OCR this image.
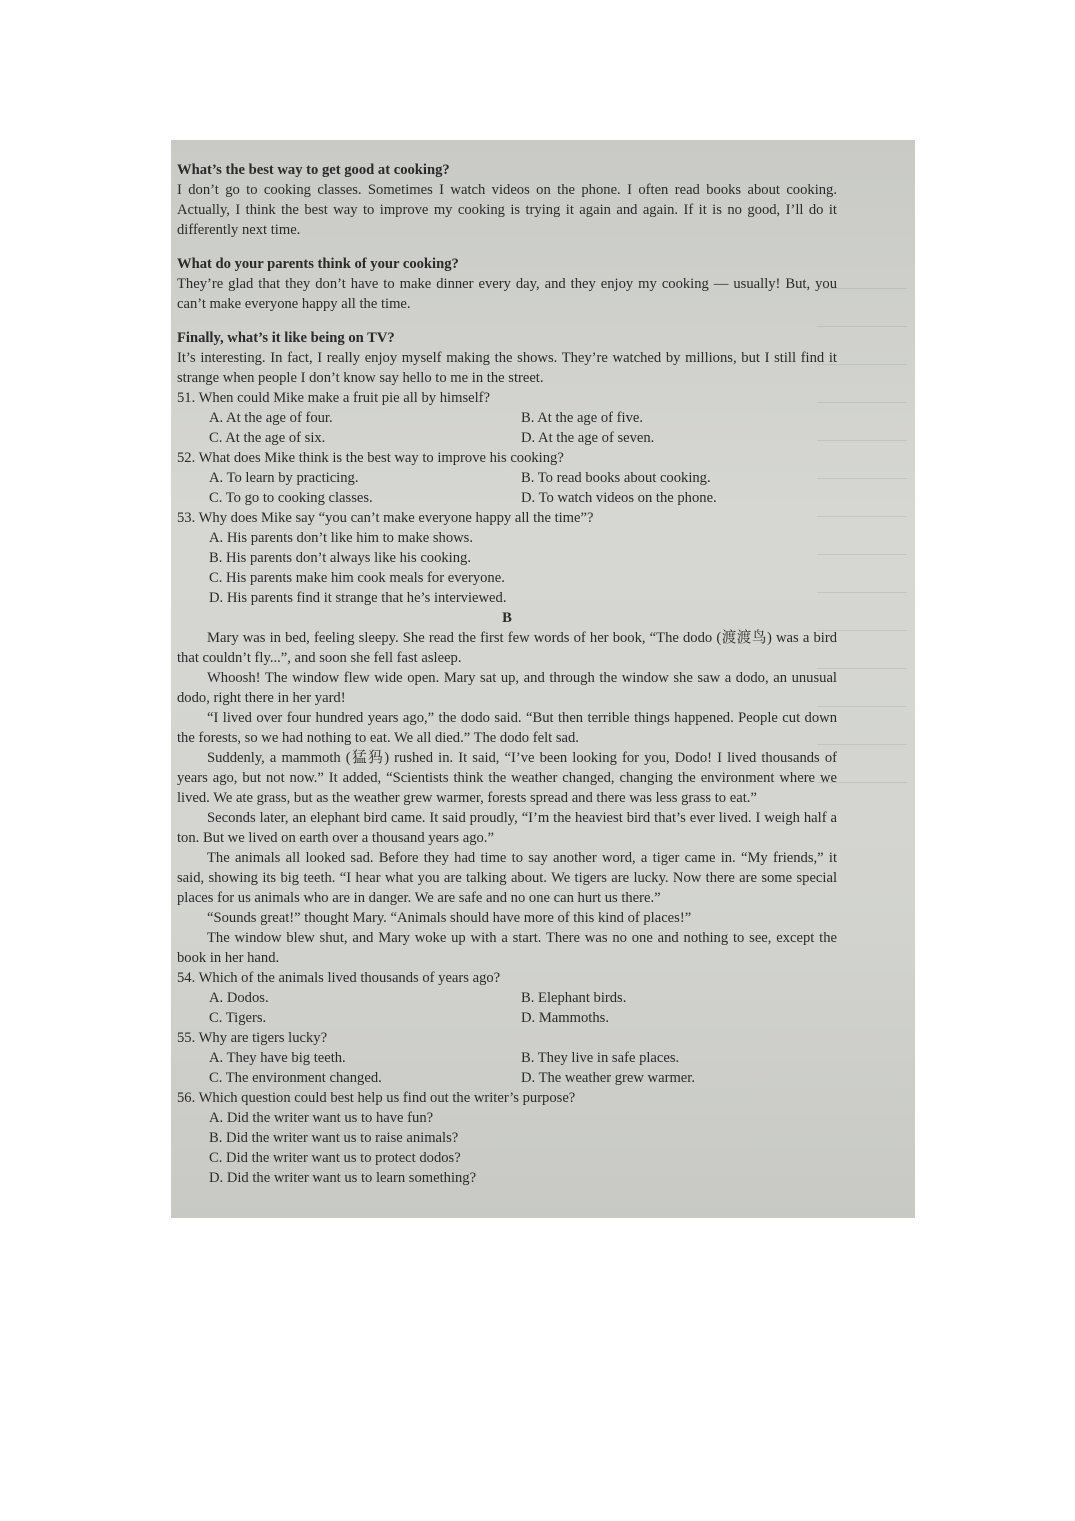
What’s the best way to get good at cooking?
I don’t go to cooking classes. Sometimes I watch videos on the phone. I often read books about cooking. Actually, I think the best way to improve my cooking is trying it again and again. If it is no good, I’ll do it differently next time.
What do your parents think of your cooking?
They’re glad that they don’t have to make dinner every day, and they enjoy my cooking — usually! But, you can’t make everyone happy all the time.
Finally, what’s it like being on TV?
It’s interesting. In fact, I really enjoy myself making the shows. They’re watched by millions, but I still find it strange when people I don’t know say hello to me in the street.
51. When could Mike make a fruit pie all by himself?
A. At the age of four.	B. At the age of five.
C. At the age of six.	D. At the age of seven.
52. What does Mike think is the best way to improve his cooking?
A. To learn by practicing.	B. To read books about cooking.
C. To go to cooking classes.	D. To watch videos on the phone.
53. Why does Mike say “you can’t make everyone happy all the time”?
A. His parents don’t like him to make shows.
B. His parents don’t always like his cooking.
C. His parents make him cook meals for everyone.
D. His parents find it strange that he’s interviewed.
B
Mary was in bed, feeling sleepy. She read the first few words of her book, “The dodo (渡渡鸟) was a bird that couldn’t fly...”, and soon she fell fast asleep.
Whoosh! The window flew wide open. Mary sat up, and through the window she saw a dodo, an unusual dodo, right there in her yard!
“I lived over four hundred years ago,” the dodo said. “But then terrible things happened. People cut down the forests, so we had nothing to eat. We all died.” The dodo felt sad.
Suddenly, a mammoth (猛犸) rushed in. It said, “I’ve been looking for you, Dodo! I lived thousands of years ago, but not now.” It added, “Scientists think the weather changed, changing the environment where we lived. We ate grass, but as the weather grew warmer, forests spread and there was less grass to eat.”
Seconds later, an elephant bird came. It said proudly, “I’m the heaviest bird that’s ever lived. I weigh half a ton. But we lived on earth over a thousand years ago.”
The animals all looked sad. Before they had time to say another word, a tiger came in. “My friends,” it said, showing its big teeth. “I hear what you are talking about. We tigers are lucky. Now there are some special places for us animals who are in danger. We are safe and no one can hurt us there.”
“Sounds great!” thought Mary. “Animals should have more of this kind of places!”
The window blew shut, and Mary woke up with a start. There was no one and nothing to see, except the book in her hand.
54. Which of the animals lived thousands of years ago?
A. Dodos.	B. Elephant birds.
C. Tigers.	D. Mammoths.
55. Why are tigers lucky?
A. They have big teeth.	B. They live in safe places.
C. The environment changed.	D. The weather grew warmer.
56. Which question could best help us find out the writer’s purpose?
A. Did the writer want us to have fun?
B. Did the writer want us to raise animals?
C. Did the writer want us to protect dodos?
D. Did the writer want us to learn something?
